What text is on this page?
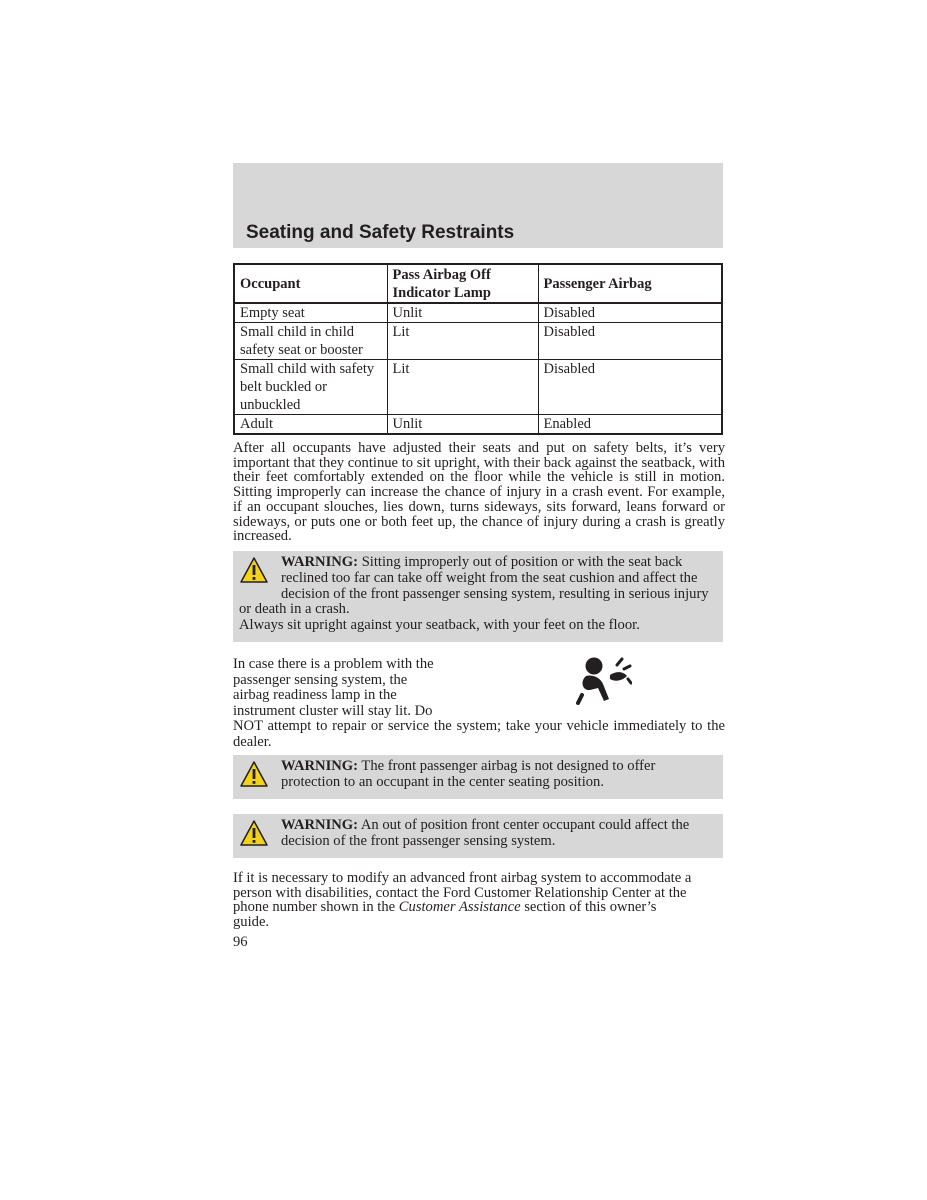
Seating and Safety Restraints
Occupant	Pass Airbag Off Indicator Lamp	Passenger Airbag
Empty seat	Unlit	Disabled
Small child in child safety seat or booster	Lit	Disabled
Small child with safety belt buckled or unbuckled	Lit	Disabled
Adult	Unlit	Enabled

After all occupants have adjusted their seats and put on safety belts, it’s very important that they continue to sit upright, with their back against the seatback, with their feet comfortably extended on the floor while the vehicle is still in motion. Sitting improperly can increase the chance of injury in a crash event. For example, if an occupant slouches, lies down, turns sideways, sits forward, leans forward or sideways, or puts one or both feet up, the chance of injury during a crash is greatly increased.

WARNING: Sitting improperly out of position or with the seat back reclined too far can take off weight from the seat cushion and affect the decision of the front passenger sensing system, resulting in serious injury or death in a crash.

Always sit upright against your seatback, with your feet on the floor.

In case there is a problem with the
passenger sensing system, the
airbag readiness lamp in the
instrument cluster will stay lit. Do
NOT attempt to repair or service the system; take your vehicle immediately to the dealer.

WARNING: The front passenger airbag is not designed to offer protection to an occupant in the center seating position.

WARNING: An out of position front center occupant could affect the decision of the front passenger sensing system.

If it is necessary to modify an advanced front airbag system to accommodate a person with disabilities, contact the Ford Customer Relationship Center at the phone number shown in the Customer Assistance section of this owner’s guide.

96
